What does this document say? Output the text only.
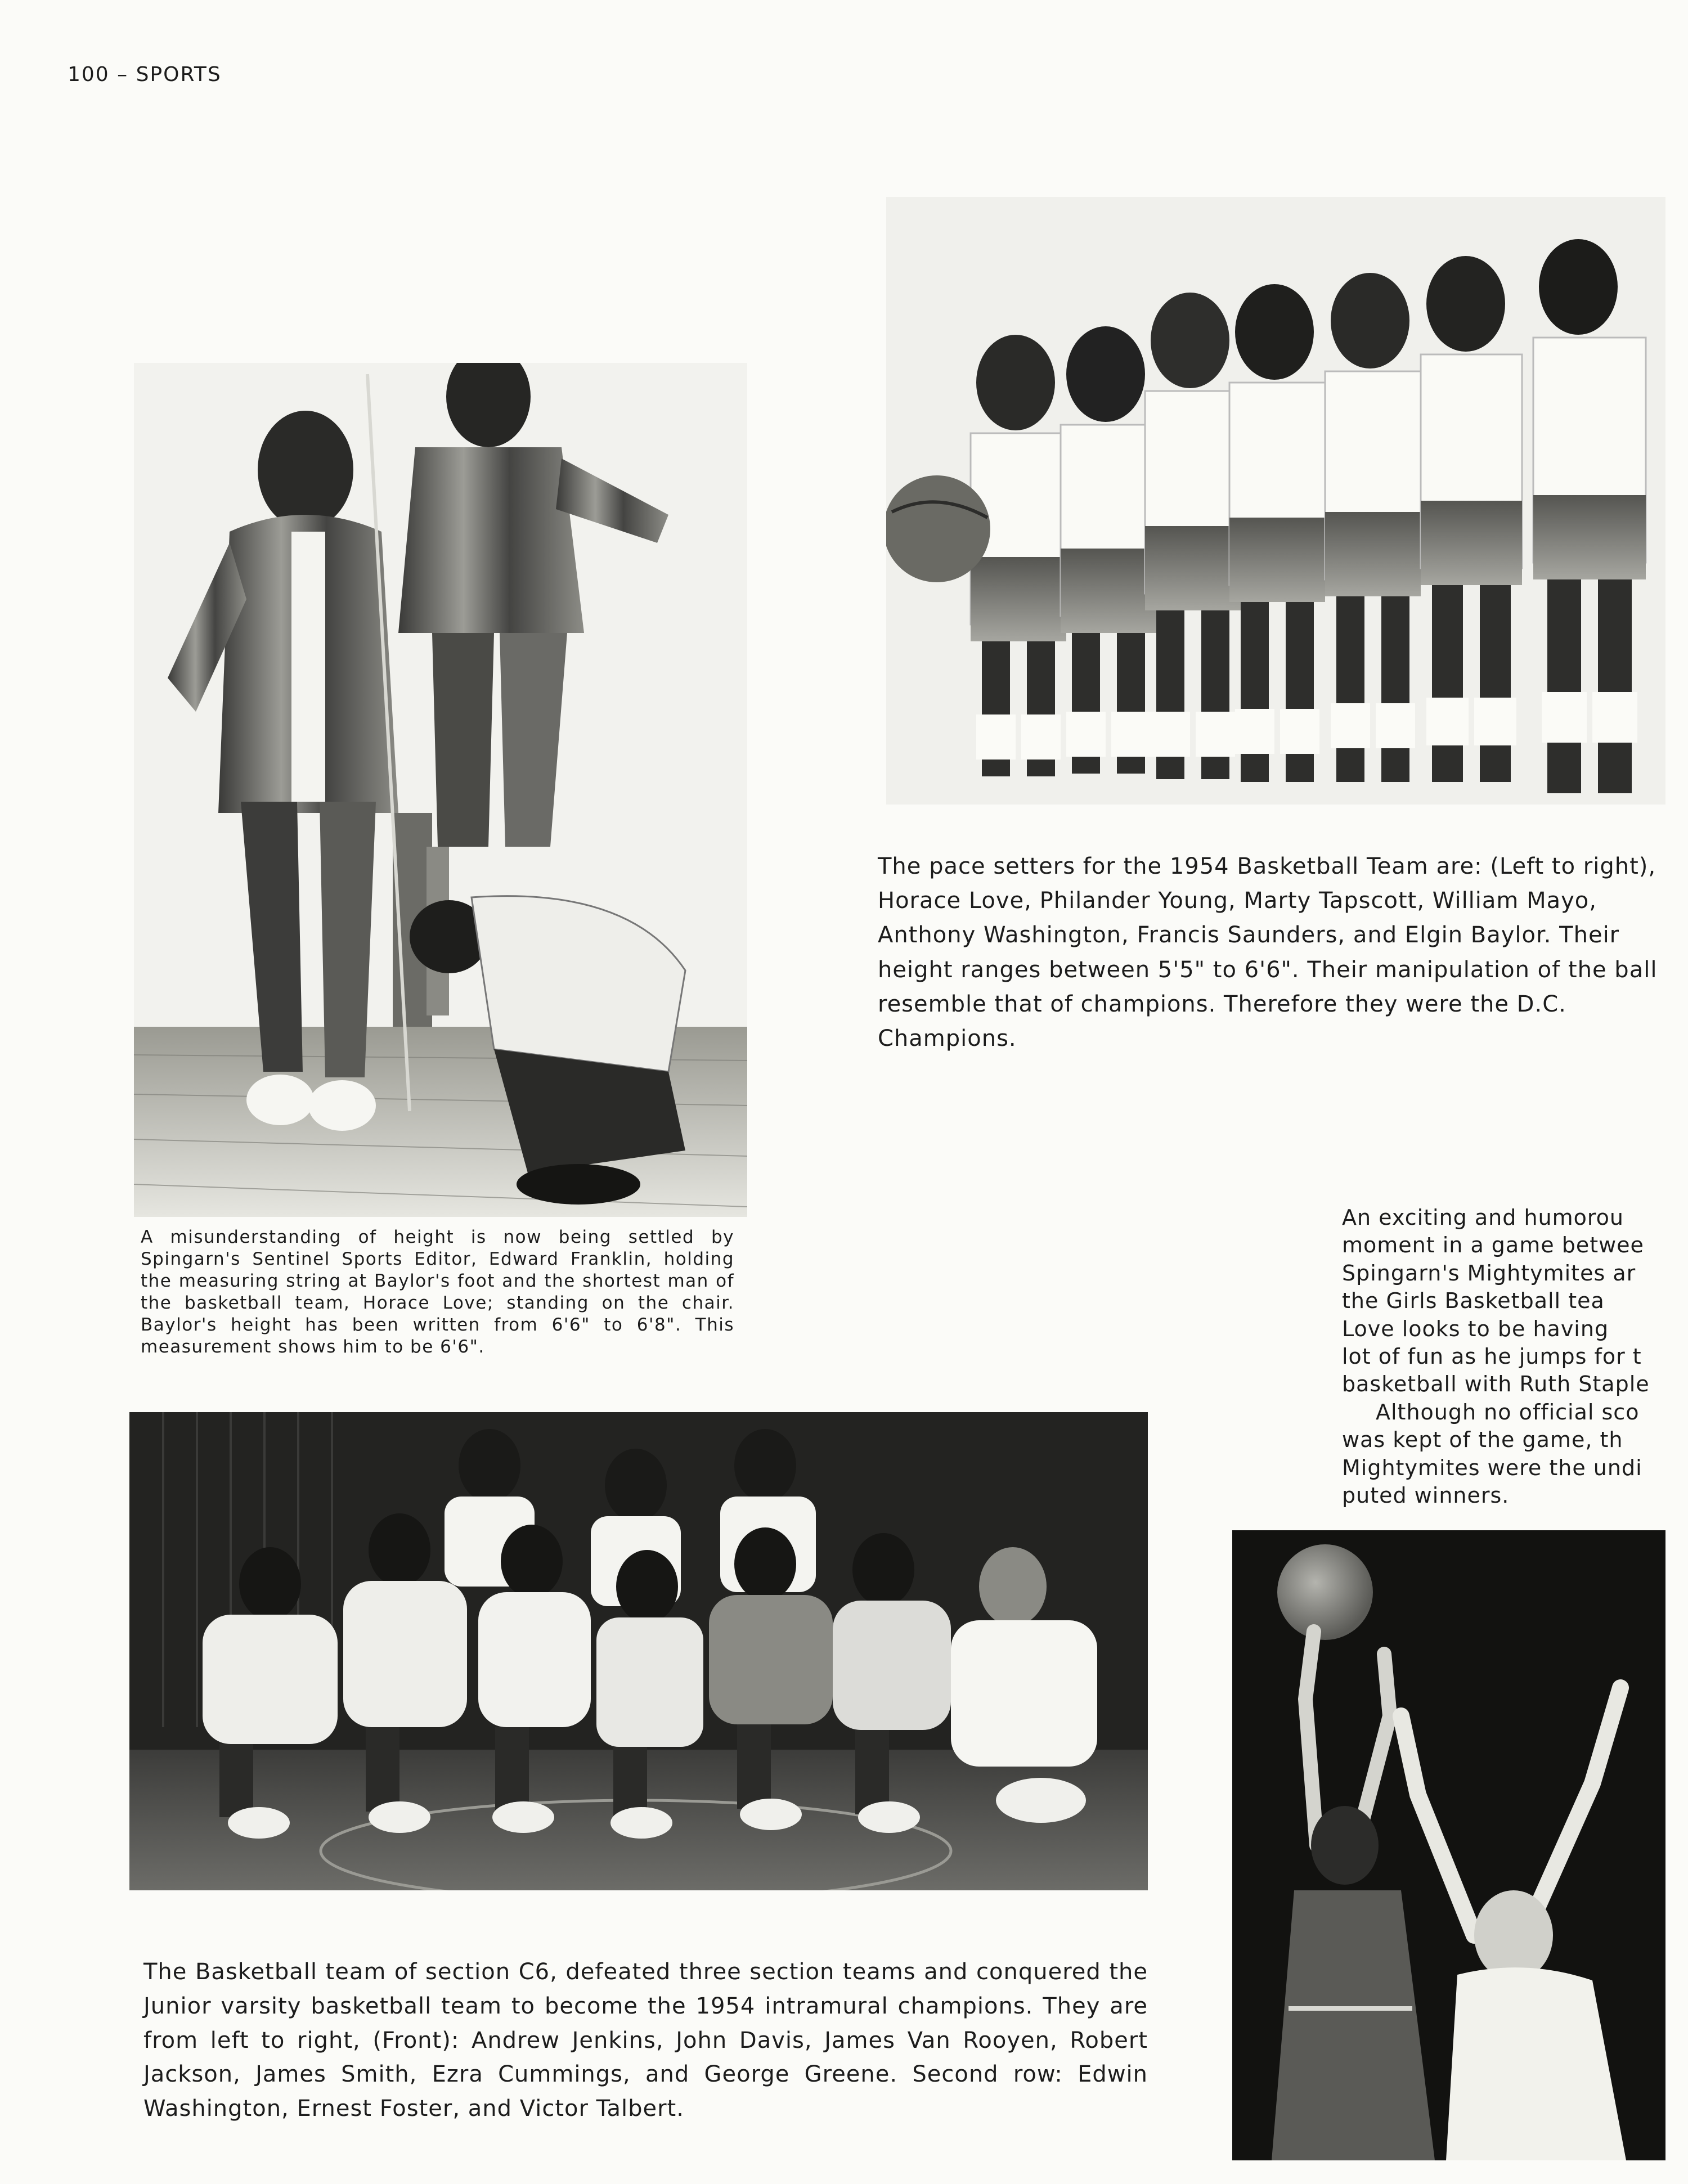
100 – SPORTS

The pace setters for the 1954 Basketball Team are: (Left to right), Horace Love, Philander Young, Marty Tapscott, William Mayo, Anthony Washington, Francis Saunders, and Elgin Baylor. Their height ranges between 5'5" to 6'6". Their manipulation of the ball resemble that of champions. Therefore they were the D.C. Champions.

A misunderstanding of height is now being settled by Spingarn's Sentinel Sports Editor, Edward Franklin, holding the measuring string at Baylor's foot and the shortest man of the basketball team, Horace Love; standing on the chair. Baylor's height has been written from 6'6" to 6'8". This measurement shows him to be 6'6".

An exciting and humorou

moment in a game betwee

Spingarn's Mightymites ar

the Girls Basketball tea

Love looks to be having

lot of fun as he jumps for t

basketball with Ruth Staple

Although no official sco

was kept of the game, th

Mightymites were the undi

puted winners.

The Basketball team of section C6, defeated three section teams and conquered the Junior varsity basketball team to become the 1954 intramural champions. They are from left to right, (Front): Andrew Jenkins, John Davis, James Van Rooyen, Robert Jackson, James Smith, Ezra Cummings, and George Greene. Second row: Edwin Washington, Ernest Foster, and Victor Talbert.
